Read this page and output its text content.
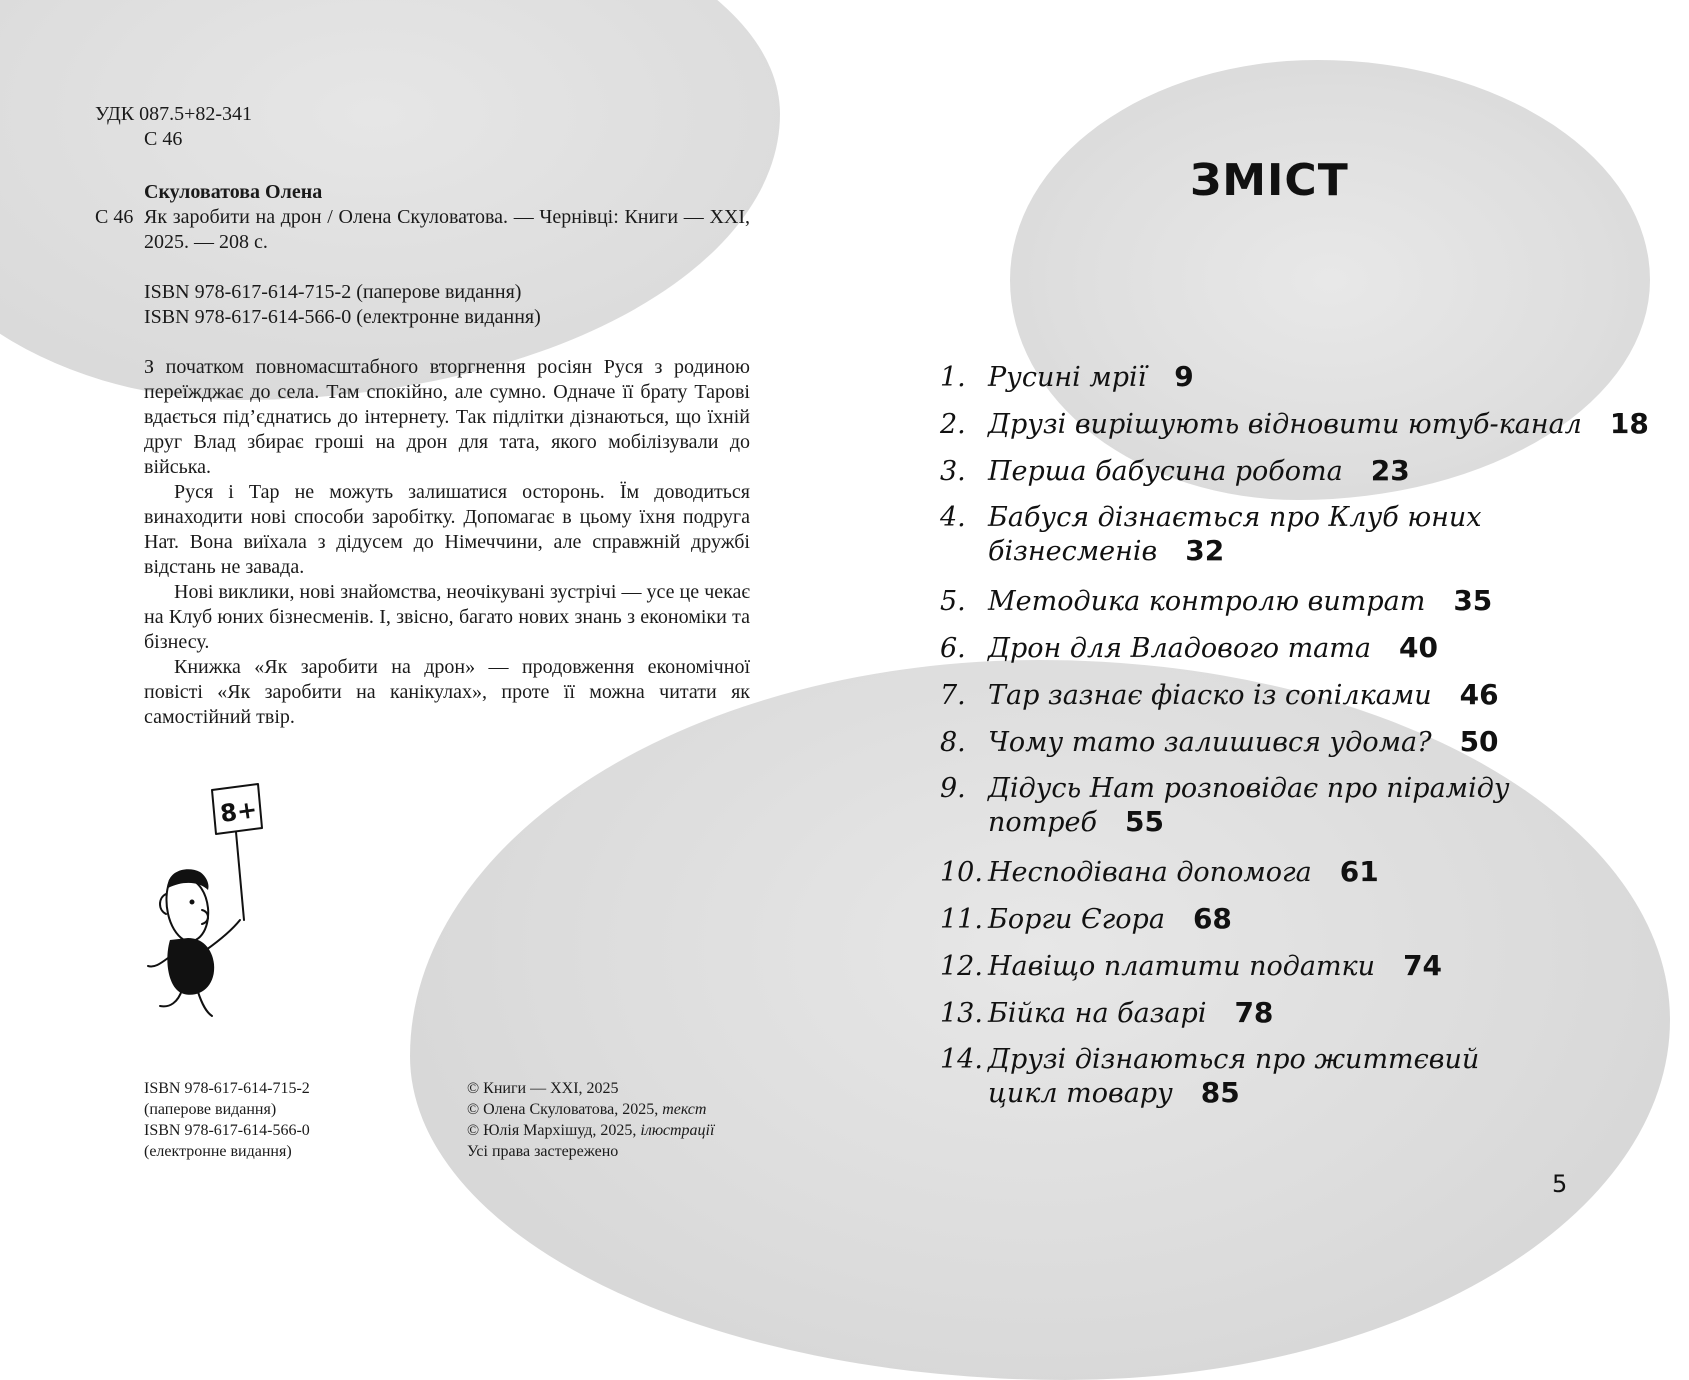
УДК 087.5+82-341
С 46
Скуловатова Олена
С 46 Як заробити на дрон / Олена Скуловатова. — Чернівці: Книги — XXI, 2025. — 208 с.
ISBN 978-617-614-715-2 (паперове видання)
ISBN 978-617-614-566-0 (електронне видання)

З початком повномасштабного вторгнення росіян Руся з родиною переїжджає до села. Там спокійно, але сумно. Одначе її брату Тарові вдається під’єднатись до інтернету. Так підлітки дізнаються, що їхній друг Влад збирає гроші на дрон для тата, якого мобілізували до війська.

Руся і Тар не можуть залишатися осторонь. Їм доводиться винаходити нові способи заробітку. Допомагає в цьому їхня подруга Нат. Вона виїхала з дідусем до Німеччини, але справжній дружбі відстань не завада.

Нові виклики, нові знайомства, неочікувані зустрічі — усе це чекає на Клуб юних бізнесменів. І, звісно, багато нових знань з економіки та бізнесу.

Книжка «Як заробити на дрон» — продовження економічної повісті «Як заробити на канікулах», проте її можна читати як самостійний твір.

8+
ISBN 978-617-614-715-2
(паперове видання)
ISBN 978-617-614-566-0
(електронне видання)
© Книги — XXI, 2025
© Олена Скуловатова, 2025, текст
© Юлія Мархішуд, 2025, ілюстрації
Усі права застережено
ЗМІСТ
1. Русині мрії 9
2. Друзі вирішують відновити ютуб-канал 18
3. Перша бабусина робота 23
4. Бабуся дізнається про Клуб юних
бізнесменів 32
5. Методика контролю витрат 35
6. Дрон для Владового тата 40
7. Тар зазнає фіаско із сопілками 46
8. Чому тато залишився удома? 50
9. Дідусь Нат розповідає про піраміду
потреб 55
10. Несподівана допомога 61
11. Борги Єгора 68
12. Навіщо платити податки 74
13. Бійка на базарі 78
14. Друзі дізнаються про життєвий
цикл товару 85
5
